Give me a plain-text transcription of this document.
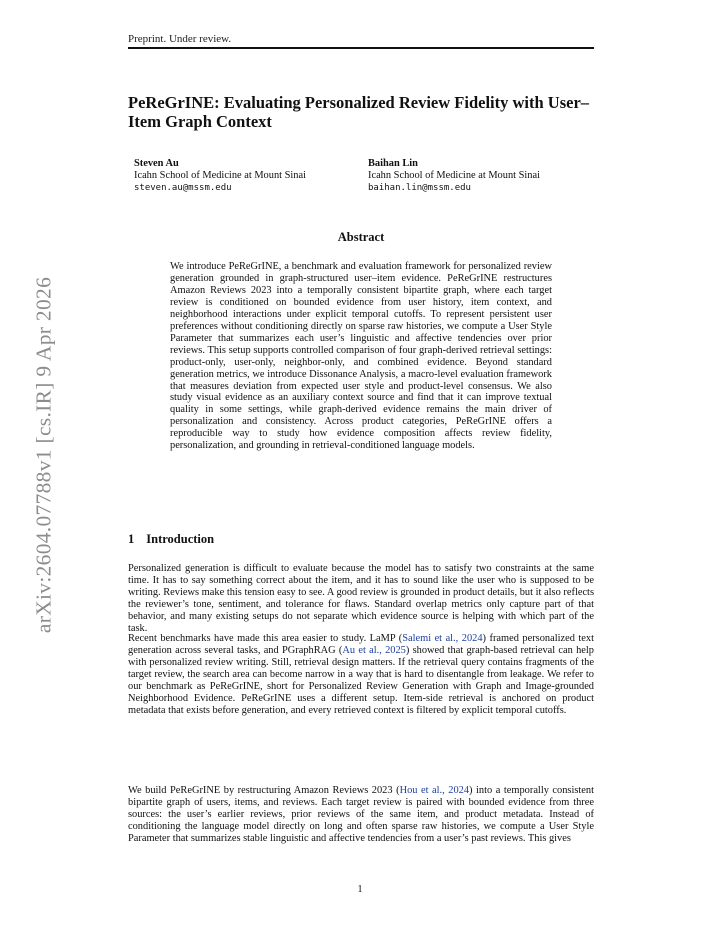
Preprint. Under review.
PeReGrINE: Evaluating Personalized Review Fidelity with User–Item Graph Context
Steven Au
Icahn School of Medicine at Mount Sinai
steven.au@mssm.edu
Baihan Lin
Icahn School of Medicine at Mount Sinai
baihan.lin@mssm.edu
Abstract
We introduce PeReGrINE, a benchmark and evaluation framework for personalized review generation grounded in graph-structured user–item evidence. PeReGrINE restructures Amazon Reviews 2023 into a temporally consistent bipartite graph, where each target review is conditioned on bounded evidence from user history, item context, and neighborhood interactions under explicit temporal cutoffs. To represent persistent user preferences without conditioning directly on sparse raw histories, we compute a User Style Parameter that summarizes each user’s linguistic and affective tendencies over prior reviews. This setup supports controlled comparison of four graph-derived retrieval settings: product-only, user-only, neighbor-only, and combined evidence. Beyond standard generation metrics, we introduce Dissonance Analysis, a macro-level evaluation framework that measures deviation from expected user style and product-level consensus. We also study visual evidence as an auxiliary context source and find that it can improve textual quality in some settings, while graph-derived evidence remains the main driver of personalization and consistency. Across product categories, PeReGrINE offers a reproducible way to study how evidence composition affects review fidelity, personalization, and grounding in retrieval-conditioned language models.
arXiv:2604.07788v1 [cs.IR] 9 Apr 2026	1 Introduction

Personalized generation is difficult to evaluate because the model has to satisfy two constraints at the same time. It has to say something correct about the item, and it has to sound like the user who is supposed to be writing. Reviews make this tension easy to see. A good review is grounded in product details, but it also reflects the reviewer’s tone, sentiment, and tolerance for flaws. Standard overlap metrics only capture part of that behavior, and many existing setups do not separate which evidence source is helping with which part of the task.

Recent benchmarks have made this area easier to study. LaMP (Salemi et al., 2024) framed personalized text generation across several tasks, and PGraphRAG (Au et al., 2025) showed that graph-based retrieval can help with personalized review writing. Still, retrieval design matters. If the retrieval query contains fragments of the target review, the search area can become narrow in a way that is hard to disentangle from leakage. We refer to our benchmark as PeReGrINE, short for Personalized Review Generation with Graph and Image-grounded Neighborhood Evidence. PeReGrINE uses a different setup. Item-side retrieval is anchored on product metadata that exists before generation, and every retrieved context is filtered by explicit temporal cutoffs.

We build PeReGrINE by restructuring Amazon Reviews 2023 (Hou et al., 2024) into a temporally consistent bipartite graph of users, items, and reviews. Each target review is paired with bounded evidence from three sources: the user’s earlier reviews, prior reviews of the same item, and product metadata. Instead of conditioning the language model directly on long and often sparse raw histories, we compute a User Style Parameter that summarizes stable linguistic and affective tendencies from a user’s past reviews. This gives

1
